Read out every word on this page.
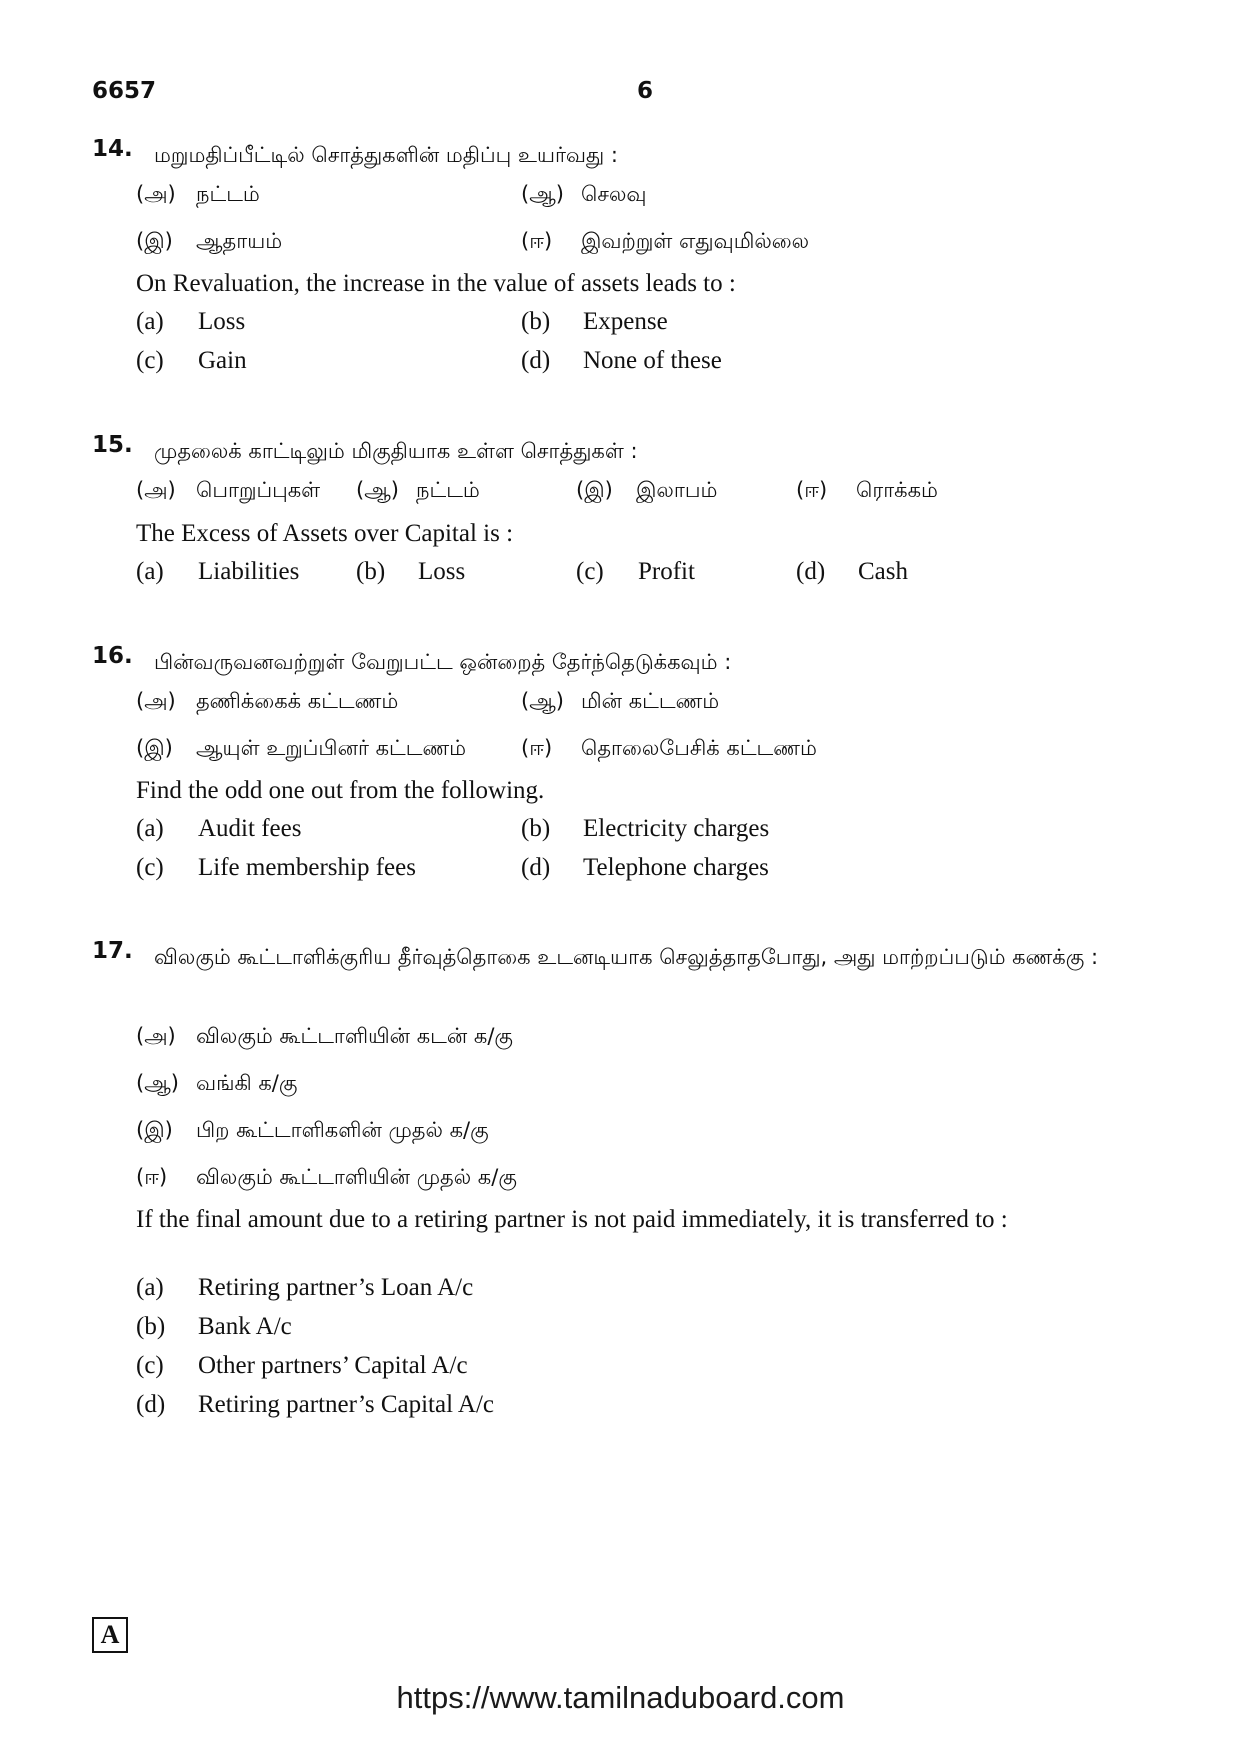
6657	6
14. மறுமதிப்பீட்டில் சொத்துகளின் மதிப்பு உயர்வது :
(அ) நட்டம்	(ஆ) செலவு
(இ) ஆதாயம்	(ஈ) இவற்றுள் எதுவுமில்லை
On Revaluation, the increase in the value of assets leads to :
(a) Loss	(b) Expense
(c) Gain	(d) None of these
15. முதலைக் காட்டிலும் மிகுதியாக உள்ள சொத்துகள் :
(அ) பொறுப்புகள் (ஆ) நட்டம்	(இ) இலாபம்	(ஈ) ரொக்கம்
The Excess of Assets over Capital is :
(a) Liabilities (b) Loss	(c) Profit	(d) Cash
16. பின்வருவனவற்றுள் வேறுபட்ட ஒன்றைத் தேர்ந்தெடுக்கவும் :
(அ) தணிக்கைக் கட்டணம்	(ஆ) மின் கட்டணம்
(இ) ஆயுள் உறுப்பினர் கட்டணம்	(ஈ) தொலைபேசிக் கட்டணம்
Find the odd one out from the following.
(a) Audit fees	(b) Electricity charges
(c) Life membership fees	(d) Telephone charges
17. விலகும் கூட்டாளிக்குரிய தீர்வுத்தொகை உடனடியாக செலுத்தாதபோது, அது மாற்றப்படும் கணக்கு :
(அ) விலகும் கூட்டாளியின் கடன் க/கு
(ஆ) வங்கி க/கு
(இ) பிற கூட்டாளிகளின் முதல் க/கு
(ஈ) விலகும் கூட்டாளியின் முதல் க/கு
If the final amount due to a retiring partner is not paid immediately, it is transferred to :
(a) Retiring partner’s Loan A/c
(b) Bank A/c
(c) Other partners’ Capital A/c
(d) Retiring partner’s Capital A/c
A
https://www.tamilnaduboard.com
